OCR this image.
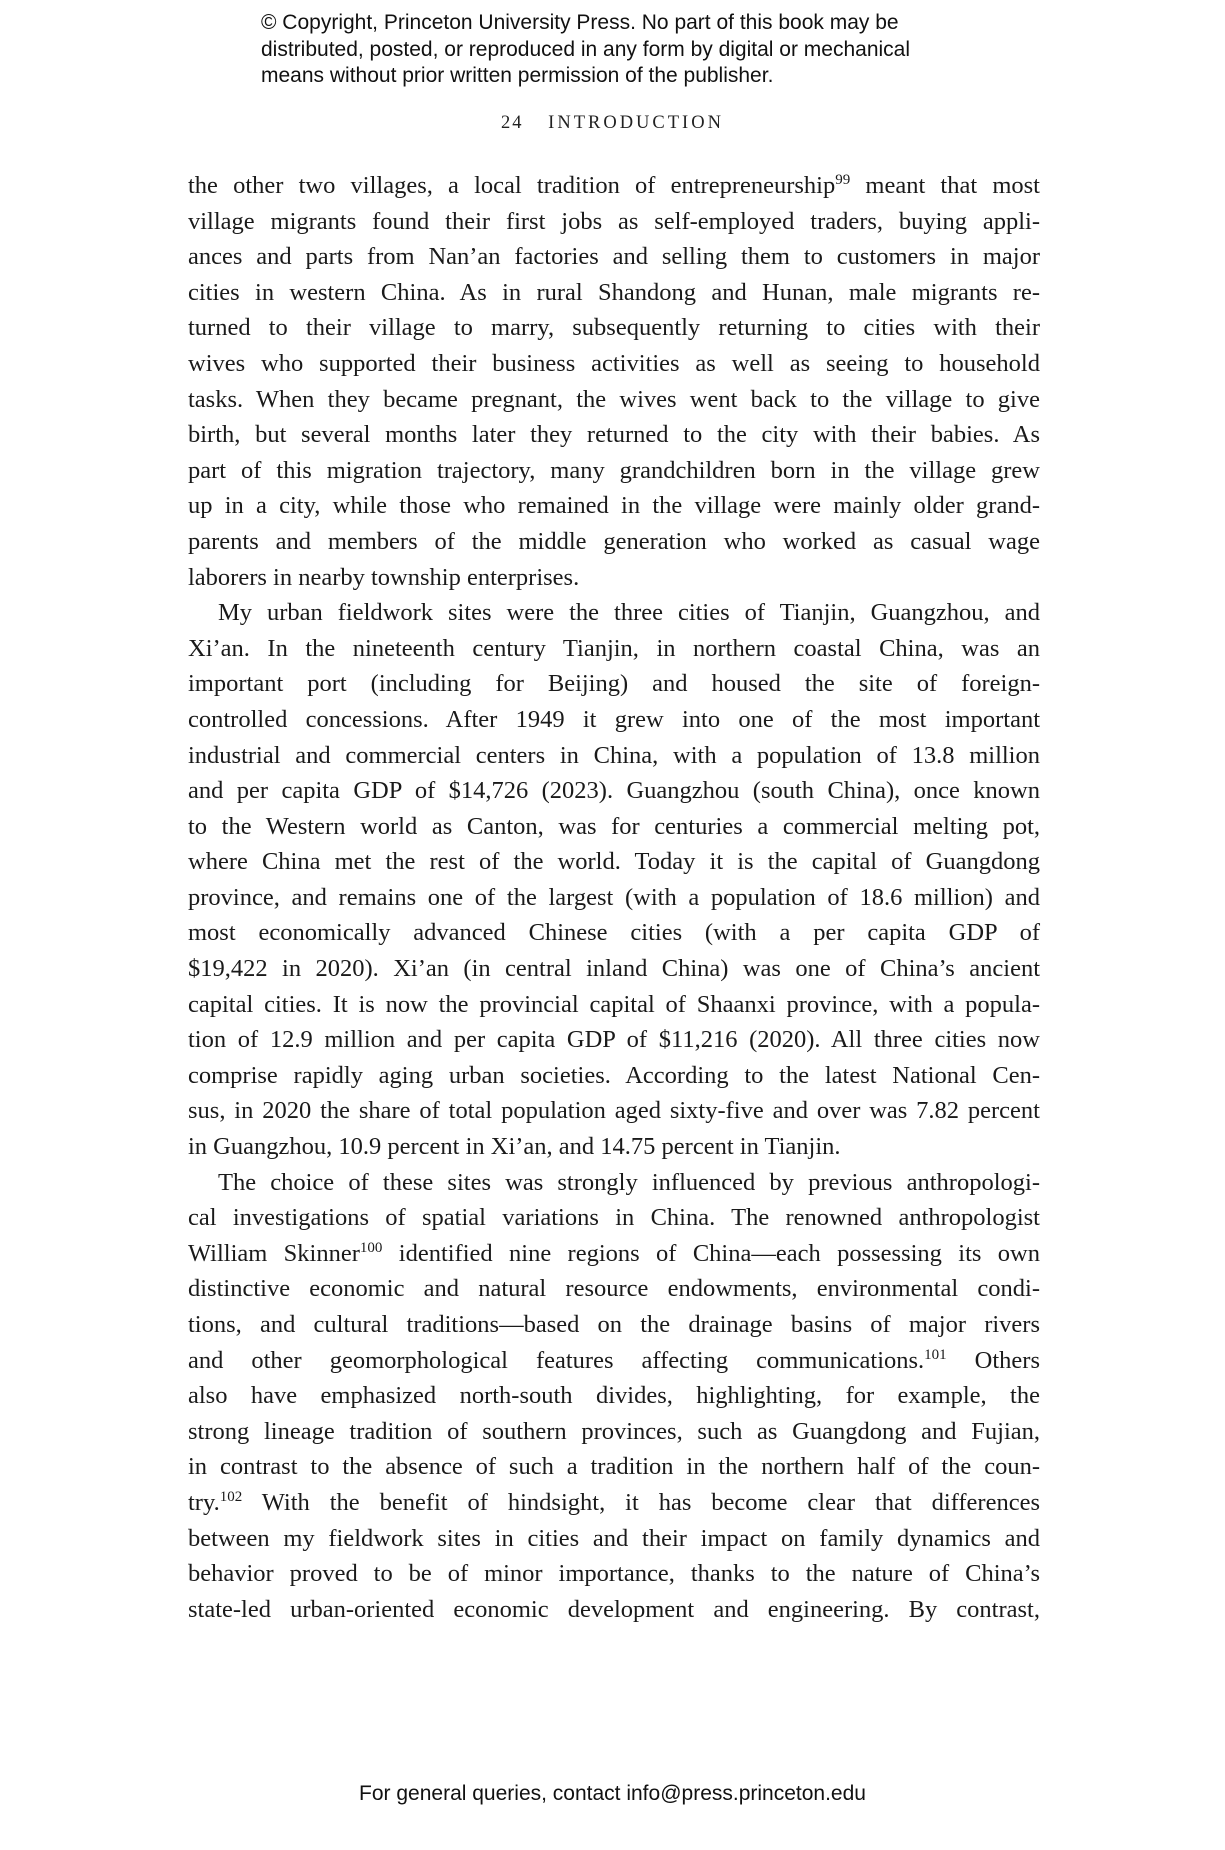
© Copyright, Princeton University Press. No part of this book may be

distributed, posted, or reproduced in any form by digital or mechanical

means without prior written permission of the publisher.

24 INTRODUCTION
the other two villages, a local tradition of entrepreneurship$^{99}$ meant that most
village migrants found their first jobs as self-employed traders, buying appli-
ances and parts from Nan’an factories and selling them to customers in major
cities in western China. As in rural Shandong and Hunan, male migrants re-
turned to their village to marry, subsequently returning to cities with their
wives who supported their business activities as well as seeing to household
tasks. When they became pregnant, the wives went back to the village to give
birth, but several months later they returned to the city with their babies. As
part of this migration trajectory, many grandchildren born in the village grew
up in a city, while those who remained in the village were mainly older grand-
parents and members of the middle generation who worked as casual wage
laborers in nearby township enterprises.
My urban fieldwork sites were the three cities of Tianjin, Guangzhou, and
Xi’an. In the nineteenth century Tianjin, in northern coastal China, was an
important port (including for Beijing) and housed the site of foreign-
controlled concessions. After 1949 it grew into one of the most important
industrial and commercial centers in China, with a population of 13.8 million
and per capita GDP of $14,726 (2023). Guangzhou (south China), once known
to the Western world as Canton, was for centuries a commercial melting pot,
where China met the rest of the world. Today it is the capital of Guangdong
province, and remains one of the largest (with a population of 18.6 million) and
most economically advanced Chinese cities (with a per capita GDP of
$19,422 in 2020). Xi’an (in central inland China) was one of China’s ancient
capital cities. It is now the provincial capital of Shaanxi province, with a popula-
tion of 12.9 million and per capita GDP of $11,216 (2020). All three cities now
comprise rapidly aging urban societies. According to the latest National Cen-
sus, in 2020 the share of total population aged sixty-five and over was 7.82 percent
in Guangzhou, 10.9 percent in Xi’an, and 14.75 percent in Tianjin.
The choice of these sites was strongly influenced by previous anthropologi-
cal investigations of spatial variations in China. The renowned anthropologist
William Skinner$^{100}$ identified nine regions of China—each possessing its own
distinctive economic and natural resource endowments, environmental condi-
tions, and cultural traditions—based on the drainage basins of major rivers
and other geomorphological features affecting communications.$^{101}$ Others
also have emphasized north-south divides, highlighting, for example, the
strong lineage tradition of southern provinces, such as Guangdong and Fujian,
in contrast to the absence of such a tradition in the northern half of the coun-
try.$^{102}$ With the benefit of hindsight, it has become clear that differences
between my fieldwork sites in cities and their impact on family dynamics and
behavior proved to be of minor importance, thanks to the nature of China’s
state-led urban-oriented economic development and engineering. By contrast,
For general queries, contact info@press.princeton.edu
